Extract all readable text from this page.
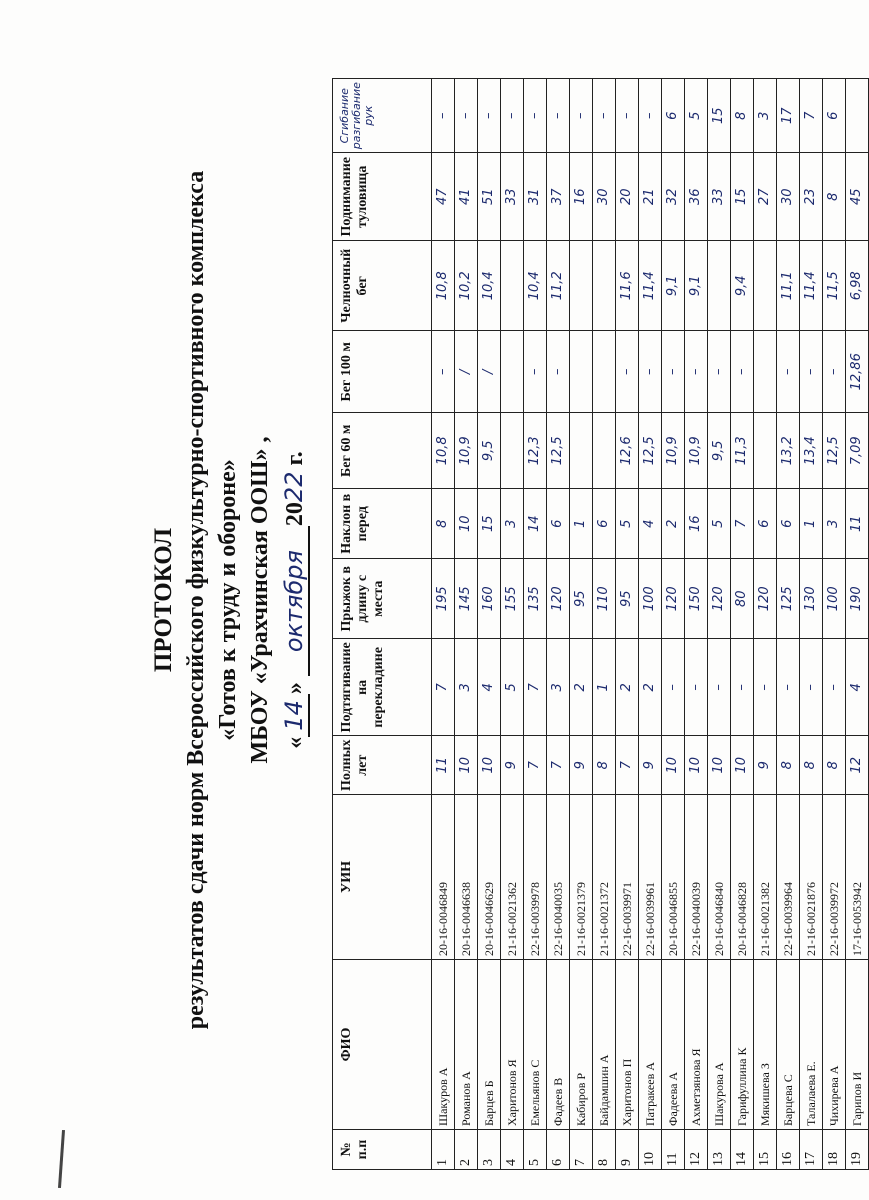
ПРОТОКОЛ результатов сдачи норм Всероссийского физкультурно-спортивного комплекса «Готов к труду и обороне» МБОУ «Урахчинская ООШ» , «14» октября2022 г.
№ п.п	ФИО	УИН	Полных лет	Подтягивание на перекладине	Прыжок в длину с места	Наклон в перед	Бег 60 м	Бег 100 м	Челночный бег	Поднимание туловища	Сгибание разгибание рук
1	Шакуров А	20-16-0046849	11	7	195	8	10,8	–	10,8	47	–
2	Романов А	20-16-0046638	10	3	145	10	10,9	/	10,2	41	–
3	Барцев Б	20-16-0046629	10	4	160	15	9,5	/	10,4	51	–
4	Харитонов Я	21-16-0021362	9	5	155	3				33	–
5	Емельянов С	22-16-0039978	7	7	135	14	12,3	–	10,4	31	–
6	Фадеев В	22-16-0040035	7	3	120	6	12,5	–	11,2	37	–
7	Кабиров Р	21-16-0021379	9	2	95	1				16	–
8	Байдамшин А	21-16-0021372	8	1	110	6				30	–
9	Харитонов П	22-16-0039971	7	2	95	5	12,6	–	11,6	20	–
10	Патракеев А	22-16-0039961	9	2	100	4	12,5	–	11,4	21	–
11	Фадеева А	20-16-0046855	10	–	120	2	10,9	–	9,1	32	6
12	Ахметзянова Я	22-16-0040039	10	–	150	16	10,9	–	9,1	36	5
13	Шакурова А	20-16-0046840	10	–	120	5	9,5	–		33	15
14	Гарифуллина К	20-16-0046828	10	–	80	7	11,3	–	9,4	15	8
15	Мякишева З	21-16-0021382	9	–	120	6				27	3
16	Барцева С	22-16-0039964	8	–	125	6	13,2	–	11,1	30	17
17	Талалаева Е.	21-16-0021876	8	–	130	1	13,4	–	11,4	23	7
18	Чихирева А	22-16-0039972	8	–	100	3	12,5	–	11,5	8	6
19	Гарипов И	17-16-0053942	12	4	190	11	7,09	12,86	6,98	45	
